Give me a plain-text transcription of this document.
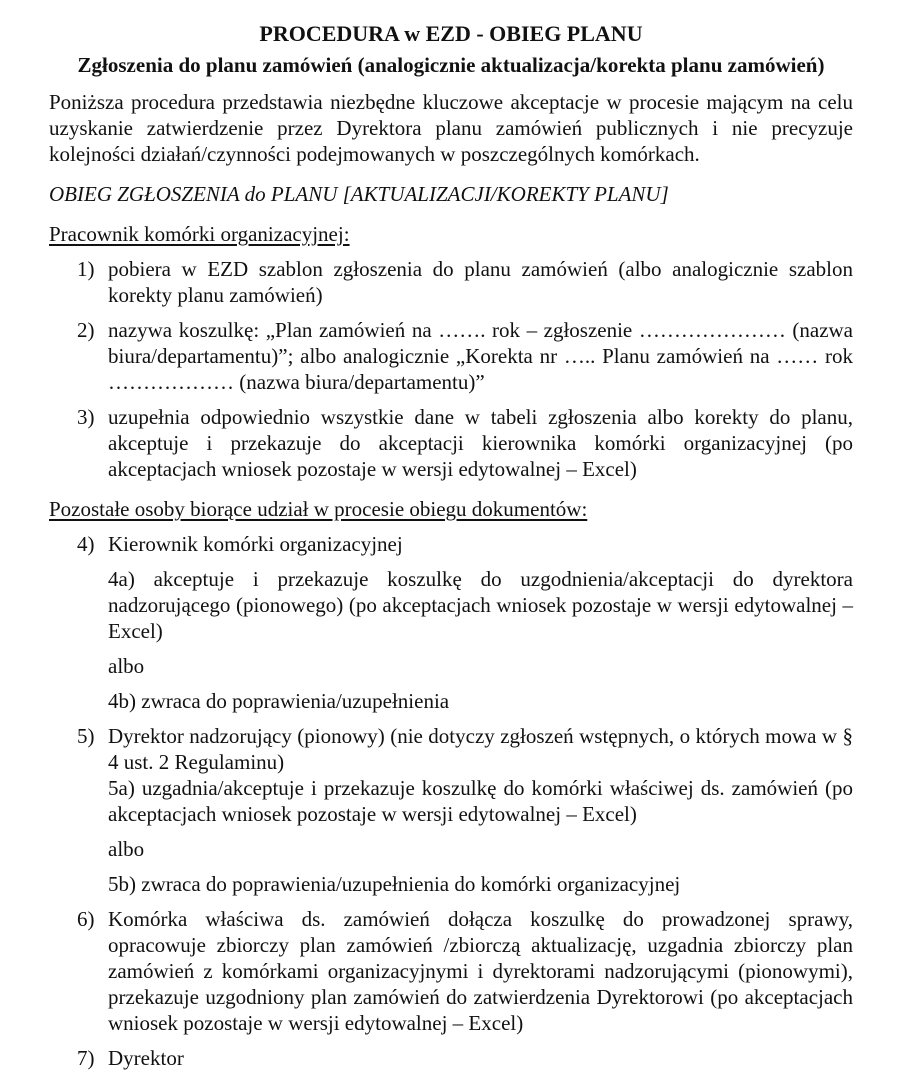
PROCEDURA w EZD - OBIEG PLANU
Zgłoszenia do planu zamówień (analogicznie aktualizacja/korekta planu zamówień)

Poniższa procedura przedstawia niezbędne kluczowe akceptacje w procesie mającym na celu uzyskanie zatwierdzenie przez Dyrektora planu zamówień publicznych i nie precyzuje kolejności działań/czynności podejmowanych w poszczególnych komórkach.

OBIEG ZGŁOSZENIA do PLANU [AKTUALIZACJI/KOREKTY PLANU]

Pracownik komórki organizacyjnej:

1) pobiera w EZD szablon zgłoszenia do planu zamówień (albo analogicznie szablon korekty planu zamówień)

2) nazywa koszulkę: „Plan zamówień na ……. rok – zgłoszenie ………………… (nazwa biura/departamentu)”; albo analogicznie „Korekta nr ….. Planu zamówień na …… rok ……………… (nazwa biura/departamentu)”

3) uzupełnia odpowiednio wszystkie dane w tabeli zgłoszenia albo korekty do planu, akceptuje i przekazuje do akceptacji kierownika komórki organizacyjnej (po akceptacjach wniosek pozostaje w wersji edytowalnej – Excel)

Pozostałe osoby biorące udział w procesie obiegu dokumentów:

4) Kierownik komórki organizacyjnej

4a) akceptuje i przekazuje koszulkę do uzgodnienia/akceptacji do dyrektora nadzorującego (pionowego) (po akceptacjach wniosek pozostaje w wersji edytowalnej – Excel)

albo

4b) zwraca do poprawienia/uzupełnienia

5) Dyrektor nadzorujący (pionowy) (nie dotyczy zgłoszeń wstępnych, o których mowa w § 4 ust. 2 Regulaminu)

5a) uzgadnia/akceptuje i przekazuje koszulkę do komórki właściwej ds. zamówień (po akceptacjach wniosek pozostaje w wersji edytowalnej – Excel)

albo

5b) zwraca do poprawienia/uzupełnienia do komórki organizacyjnej

6) Komórka właściwa ds. zamówień dołącza koszulkę do prowadzonej sprawy, opracowuje zbiorczy plan zamówień /zbiorczą aktualizację, uzgadnia zbiorczy plan zamówień z komórkami organizacyjnymi i dyrektorami nadzorującymi (pionowymi), przekazuje uzgodniony plan zamówień do zatwierdzenia Dyrektorowi (po akceptacjach wniosek pozostaje w wersji edytowalnej – Excel)

7) Dyrektor
